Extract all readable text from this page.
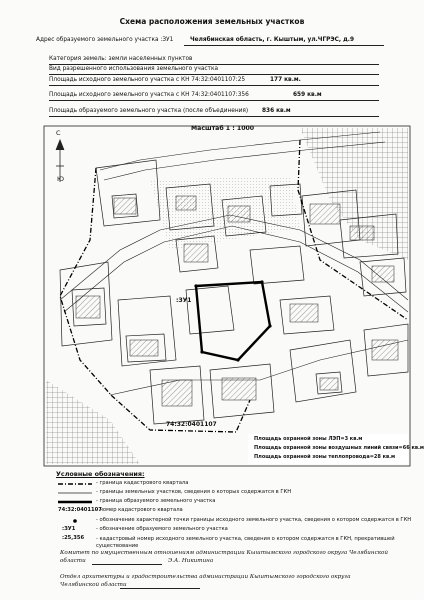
Схема расположения земельных участков
Адрес образуемого земельного участка :ЗУ1	Челябинская область, г. Кыштым, ул.ЧГРЭС, д.9
Категория земель: земли населенных пунктов
Вид разрешенного использования земельного участка
Площадь исходного земельного участка с КН 74:32:0401107:25	177 кв.м.
Площадь исходного земельного участка с КН 74:32:0401107:356	659 кв.м
Площадь образуемого земельного участка (после объединения) 836 кв.м
Масштаб 1 : 1000
С
Ю
:ЗУ1
74:32:0401107
Площадь охранной зоны ЛЭП=3 кв.м
Площадь охранной зоны воздушных линий связи=66 кв.м
Площадь охранной зоны теплопровода=28 кв.м
Условные обозначения:
- граница кадастрового квартала
- границы земельных участков, сведения о которых содержатся в ГКН
- граница образуемого земельного участка
74:32:0401107
- номер кадастрового квартала
- обозначение характерной точки границы исходного земельного участка, сведения о котором содержатся в ГКН
:ЗУ1	- обозначение образуемого земельного участка
:25,356 - кадастровый номер исходного земельного участка, сведения о котором содержатся в ГКН, прекратившей существование
Комитет по имущественным отношениям администрации Кыштымского городского округа Челябинской
области	Э.А. Никитина
Отдел архитектуры и градостроительства администрации Кыштымского городского округа
Челябинской области
